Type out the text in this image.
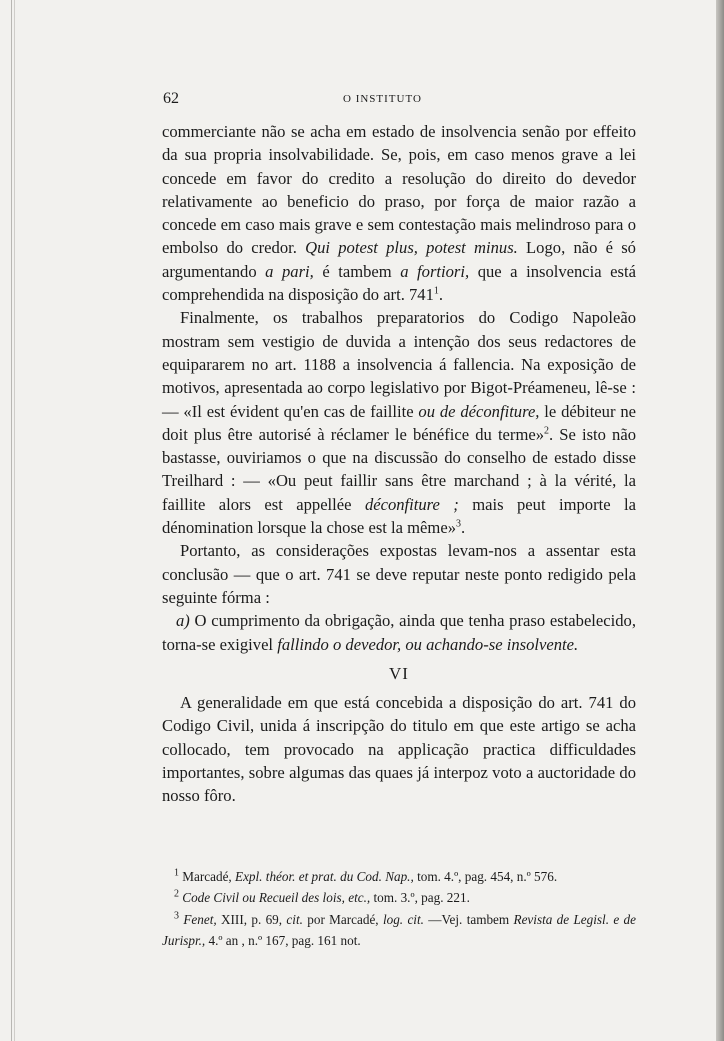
62	O INSTITUTO

commerciante não se acha em estado de insolvencia senão por effeito da sua propria insolvabilidade. Se, pois, em caso menos grave a lei concede em favor do credito a resolução do direito do devedor relativamente ao beneficio do praso, por força de maior razão a concede em caso mais grave e sem contestação mais melindroso para o embolso do credor. Qui potest plus, potest minus. Logo, não é só argumentando a pari, é tambem a fortiori, que a insolvencia está comprehendida na disposição do art. $741^1$.

Finalmente, os trabalhos preparatorios do Codigo Napoleão mostram sem vestigio de duvida a intenção dos seus redactores de equipararem no art. 1188 a insolvencia á fallencia. Na exposição de motivos, apresentada ao corpo legislativo por Bigot-Préameneu, lê-se : — «Il est évident qu'en cas de faillite ou de déconfiture, le débiteur ne doit plus être autorisé à réclamer le bénéfice du terme»$^2$. Se isto não bastasse, ouviriamos o que na discussão do conselho de estado disse Treilhard : — «Ou peut faillir sans être marchand ; à la vérité, la faillite alors est appellée déconfiture ; mais peut importe la dénomination lorsque la chose est la même»$^3$.

Portanto, as considerações expostas levam-nos a assentar esta conclusão — que o art. 741 se deve reputar neste ponto redigido pela seguinte fórma :

a) O cumprimento da obrigação, ainda que tenha praso estabelecido, torna-se exigivel fallindo o devedor, ou achando-se insolvente.

VI

A generalidade em que está concebida a disposição do art. 741 do Codigo Civil, unida á inscripção do titulo em que este artigo se acha collocado, tem provocado na applicação practica difficuldades importantes, sobre algumas das quaes já interpoz voto a auctoridade do nosso fôro.

$^1$ Marcadé, Expl. théor. et prat. du Cod. Nap., tom. 4.º, pag. 454, n.º 576.

$^2$ Code Civil ou Recueil des lois, etc., tom. 3.º, pag. 221.

$^3$ Fenet, XIII, p. 69, cit. por Marcadé, log. cit. —Vej. tambem Revista de Legisl. e de Jurispr., 4.º an , n.º 167, pag. 161 not.
